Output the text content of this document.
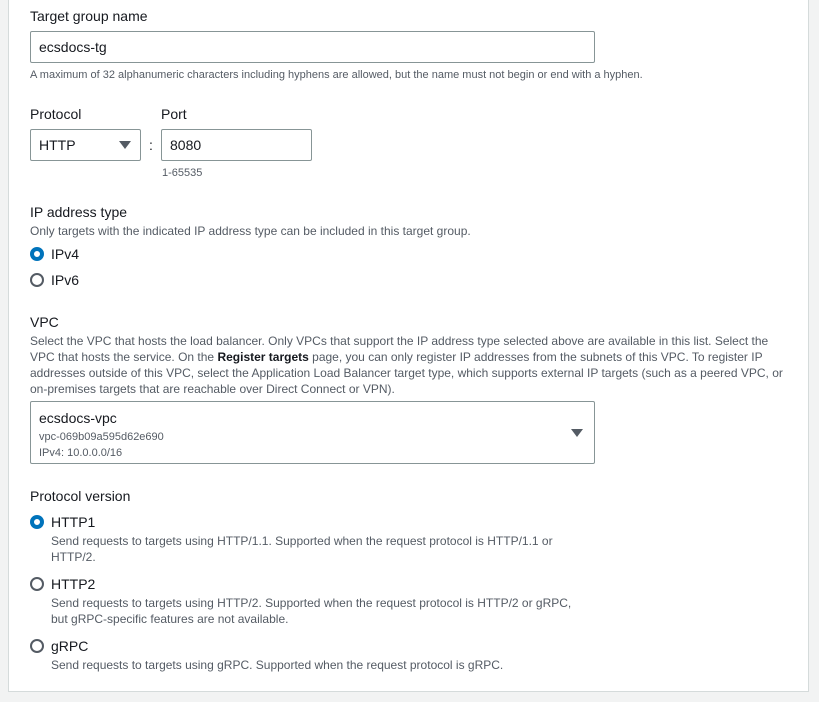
Target group name
ecsdocs-tg
A maximum of 32 alphanumeric characters including hyphens are allowed, but the name must not begin or end with a hyphen.
Protocol
HTTP	:
Port
8080
1-65535
IP address type
Only targets with the indicated IP address type can be included in this target group.
IPv4
IPv6
VPC
Select the VPC that hosts the load balancer. Only VPCs that support the IP address type selected above are available in this list. Select the
VPC that hosts the service. On the Register targets page, you can only register IP addresses from the subnets of this VPC. To register IP
addresses outside of this VPC, select the Application Load Balancer target type, which supports external IP targets (such as a peered VPC, or
on-premises targets that are reachable over Direct Connect or VPN).
ecsdocs-vpc
vpc-069b09a595d62e690
IPv4: 10.0.0.0/16
Protocol version
HTTP1
Send requests to targets using HTTP/1.1. Supported when the request protocol is HTTP/1.1 or
HTTP/2.
HTTP2
Send requests to targets using HTTP/2. Supported when the request protocol is HTTP/2 or gRPC,
but gRPC-specific features are not available.
gRPC
Send requests to targets using gRPC. Supported when the request protocol is gRPC.
